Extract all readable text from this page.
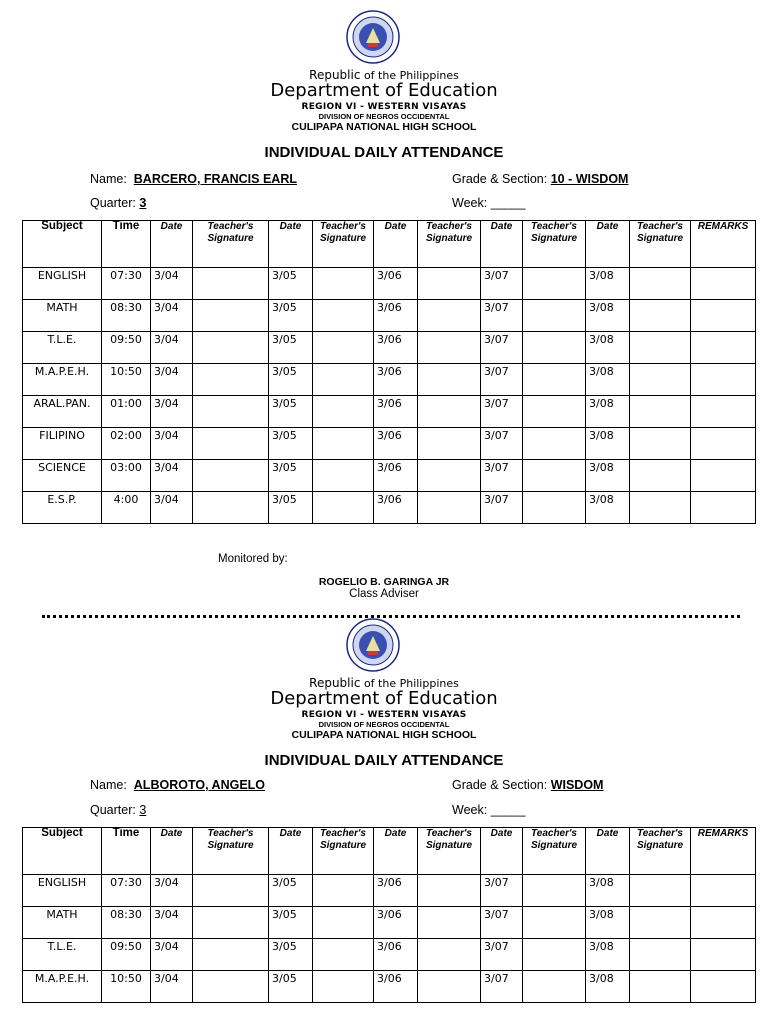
Republic of the Philippines
Department of Education
REGION VI - WESTERN VISAYAS
DIVISION OF NEGROS OCCIDENTAL
CULIPAPA NATIONAL HIGH SCHOOL
INDIVIDUAL DAILY ATTENDANCE
Name: BARCERO, FRANCIS EARL	Grade & Section: 10 - WISDOM
Quarter: 3	Week: _____
Subject	Time	Date	Teacher's Signature	Date	Teacher's Signature	Date	Teacher's Signature	Date	Teacher's Signature	Date	Teacher's Signature	REMARKS
ENGLISH	07:30	3/04		3/05		3/06		3/07		3/08		
MATH	08:30	3/04		3/05		3/06		3/07		3/08		
T.L.E.	09:50	3/04		3/05		3/06		3/07		3/08		
M.A.P.E.H.	10:50	3/04		3/05		3/06		3/07		3/08		
ARAL.PAN.	01:00	3/04		3/05		3/06		3/07		3/08		
FILIPINO	02:00	3/04		3/05		3/06		3/07		3/08		
SCIENCE	03:00	3/04		3/05		3/06		3/07		3/08		
E.S.P.	4:00	3/04		3/05		3/06		3/07		3/08		
Monitored by:
ROGELIO B. GARINGA JR
Class Adviser
Republic of the Philippines
Department of Education
REGION VI - WESTERN VISAYAS
DIVISION OF NEGROS OCCIDENTAL
CULIPAPA NATIONAL HIGH SCHOOL
INDIVIDUAL DAILY ATTENDANCE
Name: ALBOROTO, ANGELO	Grade & Section: WISDOM
Quarter: 3	Week: _____
Subject	Time	Date	Teacher's Signature	Date	Teacher's Signature	Date	Teacher's Signature	Date	Teacher's Signature	Date	Teacher's Signature	REMARKS
ENGLISH	07:30	3/04		3/05		3/06		3/07		3/08		
MATH	08:30	3/04		3/05		3/06		3/07		3/08		
T.L.E.	09:50	3/04		3/05		3/06		3/07		3/08		
M.A.P.E.H.	10:50	3/04		3/05		3/06		3/07		3/08		
